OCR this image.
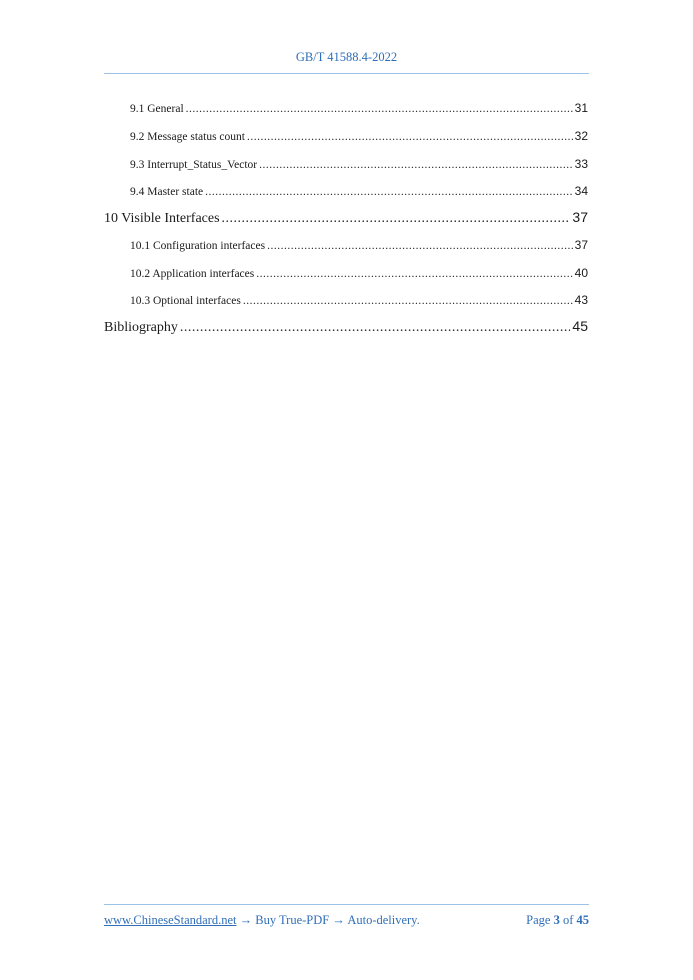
GB/T 41588.4-2022
9.1 General .....	31
9.2 Message status count .....	32
9.3 Interrupt_Status_Vector .....	33
9.4 Master state .....	34
10 Visible Interfaces .....	37
10.1 Configuration interfaces .....	37
10.2 Application interfaces .....	40
10.3 Optional interfaces .....	43
Bibliography .....	45
www.ChineseStandard.net → Buy True-PDF → Auto-delivery.	Page 3 of 45
